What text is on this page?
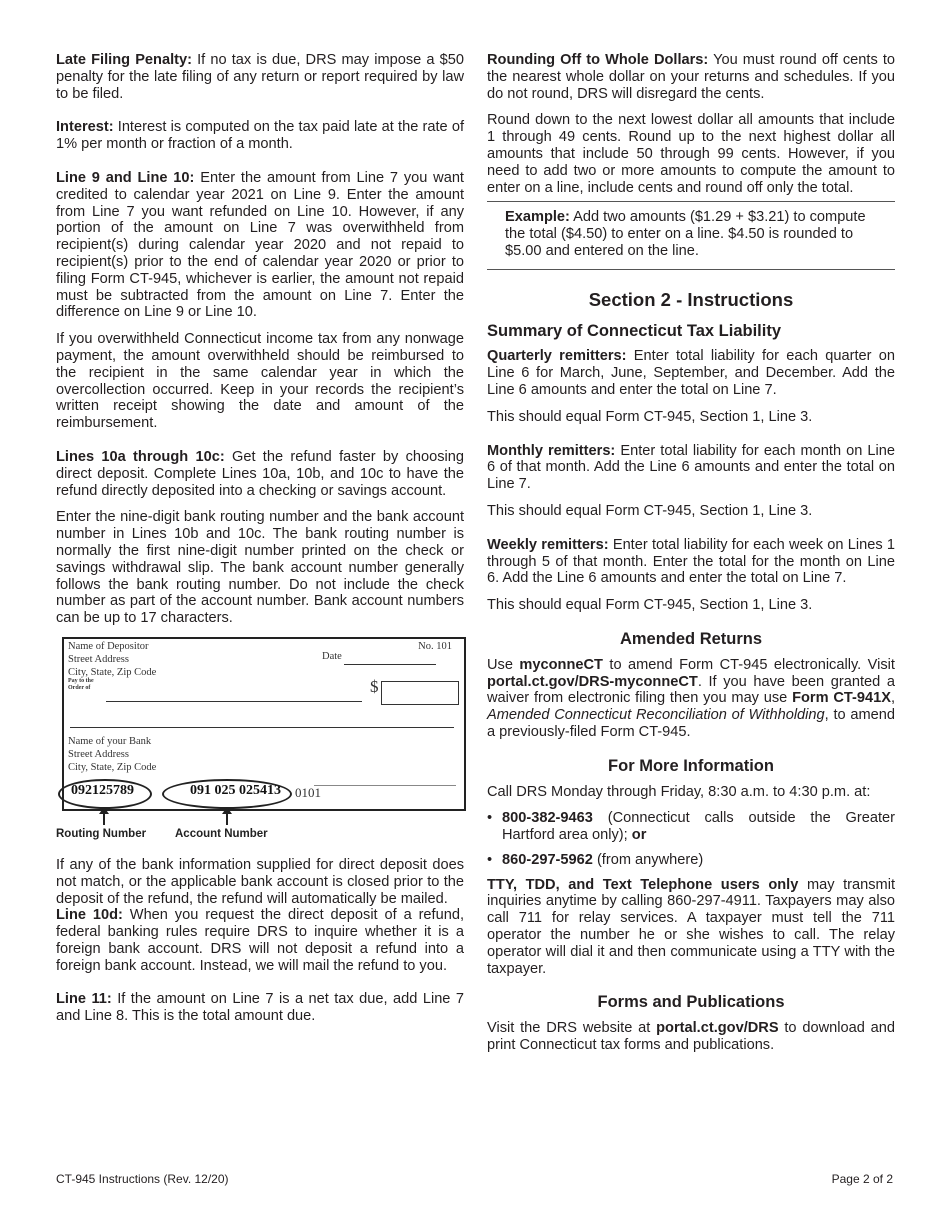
Late Filing Penalty: If no tax is due, DRS may impose a $50 penalty for the late filing of any return or report required by law to be filed.

Interest: Interest is computed on the tax paid late at the rate of 1% per month or fraction of a month.

Line 9 and Line 10: Enter the amount from Line 7 you want credited to calendar year 2021 on Line 9. Enter the amount from Line 7 you want refunded on Line 10. However, if any portion of the amount on Line 7 was overwithheld from recipient(s) during calendar year 2020 and not repaid to recipient(s) prior to the end of calendar year 2020 or prior to filing Form CT-945, whichever is earlier, the amount not repaid must be subtracted from the amount on Line 7. Enter the difference on Line 9 or Line 10.

If you overwithheld Connecticut income tax from any nonwage payment, the amount overwithheld should be reimbursed to the recipient in the same calendar year in which the overcollection occurred. Keep in your records the recipient’s written receipt showing the date and amount of the reimbursement.

Lines 10a through 10c: Get the refund faster by choosing direct deposit. Complete Lines 10a, 10b, and 10c to have the refund directly deposited into a checking or savings account.

Enter the nine-digit bank routing number and the bank account number in Lines 10b and 10c. The bank routing number is normally the first nine-digit number printed on the check or savings withdrawal slip. The bank account number generally follows the bank routing number. Do not include the check number as part of the account number. Bank account numbers can be up to 17 characters.

Name of Depositor
Street Address
City, State, Zip Code
Pay to the
Order of
No. 101
Date
$
Name of your Bank
Street Address
City, State, Zip Code
092125789	091 025 025413 0101
Routing Number	Account Number

If any of the bank information supplied for direct deposit does not match, or the applicable bank account is closed prior to the deposit of the refund, the refund will automatically be mailed.

Line 10d: When you request the direct deposit of a refund, federal banking rules require DRS to inquire whether it is a foreign bank account. DRS will not deposit a refund into a foreign bank account. Instead, we will mail the refund to you.

Line 11: If the amount on Line 7 is a net tax due, add Line 7 and Line 8. This is the total amount due.

Rounding Off to Whole Dollars: You must round off cents to the nearest whole dollar on your returns and schedules. If you do not round, DRS will disregard the cents.

Round down to the next lowest dollar all amounts that include 1 through 49 cents. Round up to the next highest dollar all amounts that include 50 through 99 cents. However, if you need to add two or more amounts to compute the amount to enter on a line, include cents and round off only the total.

Example: Add two amounts ($1.29 + $3.21) to compute the total ($4.50) to enter on a line. $4.50 is rounded to $5.00 and entered on the line.

Section 2 - Instructions
Summary of Connecticut Tax Liability

Quarterly remitters: Enter total liability for each quarter on Line 6 for March, June, September, and December. Add the Line 6 amounts and enter the total on Line 7.

This should equal Form CT-945, Section 1, Line 3.

Monthly remitters: Enter total liability for each month on Line 6 of that month. Add the Line 6 amounts and enter the total on Line 7.

This should equal Form CT-945, Section 1, Line 3.

Weekly remitters: Enter total liability for each week on Lines 1 through 5 of that month. Enter the total for the month on Line 6. Add the Line 6 amounts and enter the total on Line 7.

This should equal Form CT-945, Section 1, Line 3.

Amended Returns

Use myconneCT to amend Form CT-945 electronically. Visit portal.ct.gov/DRS-myconneCT. If you have been granted a waiver from electronic filing then you may use Form CT-941X, Amended Connecticut Reconciliation of Withholding, to amend a previously-filed Form CT-945.

For More Information

Call DRS Monday through Friday, 8:30 a.m. to 4:30 p.m. at:

• 800-382-9463 (Connecticut calls outside the Greater Hartford area only); or
• 860-297-5962 (from anywhere)

TTY, TDD, and Text Telephone users only may transmit inquiries anytime by calling 860-297-4911. Taxpayers may also call 711 for relay services. A taxpayer must tell the 711 operator the number he or she wishes to call. The relay operator will dial it and then communicate using a TTY with the taxpayer.

Forms and Publications

Visit the DRS website at portal.ct.gov/DRS to download and print Connecticut tax forms and publications.

CT-945 Instructions (Rev. 12/20)	Page 2 of 2
